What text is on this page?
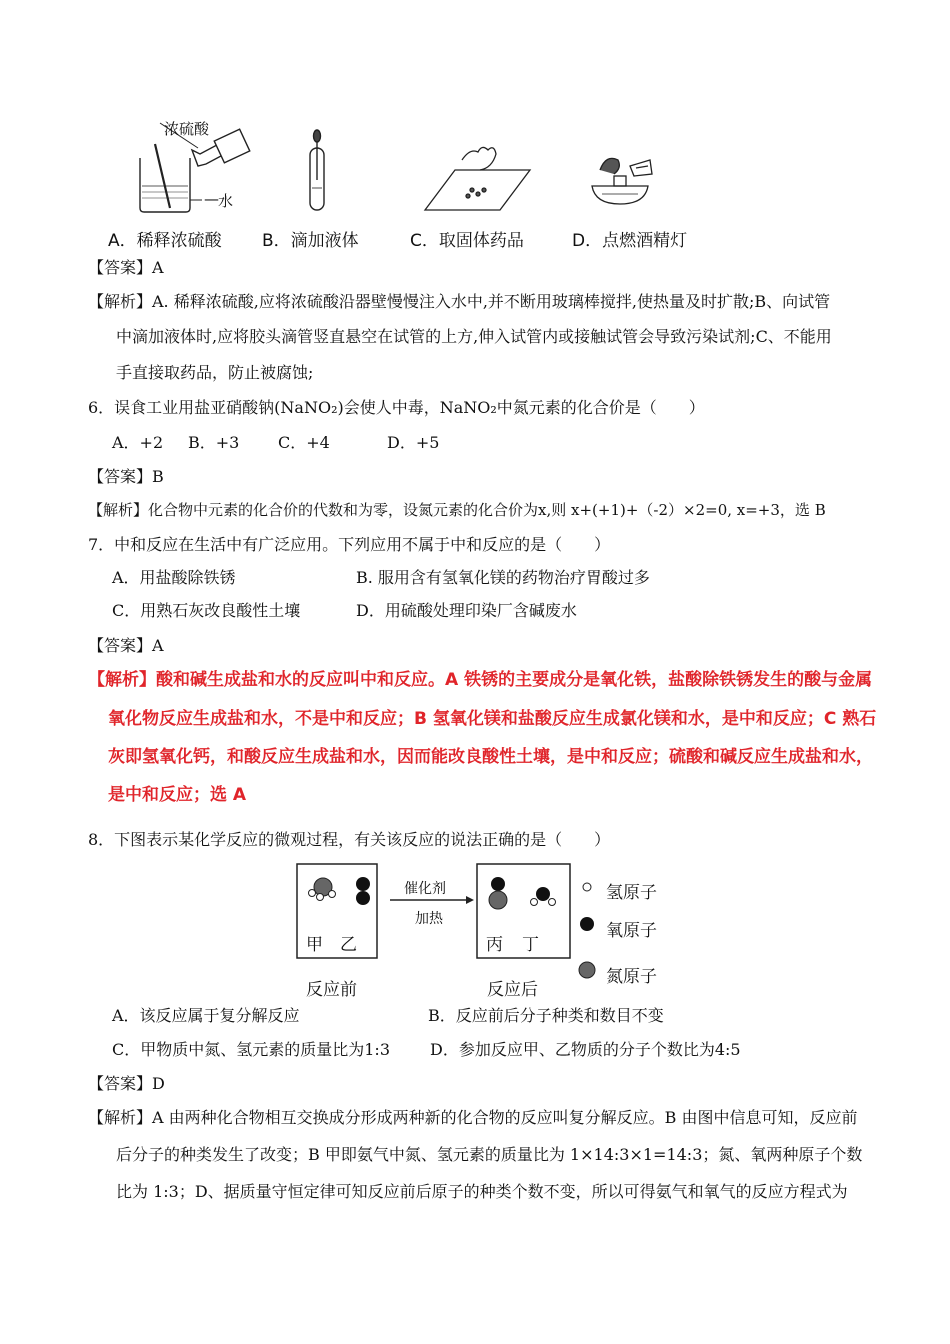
—
浓硫酸
水
A．稀释浓硫酸 B．滴加液体	C．取固体药品	D．点燃酒精灯
【答案】A
【解析】A. 稀释浓硫酸,应将浓硫酸沿器壁慢慢注入水中,并不断用玻璃棒搅拌,使热量及时扩散;B、向试管
中滴加液体时,应将胶头滴管竖直悬空在试管的上方,伸入试管内或接触试管会导致污染试剂;C、不能用
手直接取药品，防止被腐蚀;
6．误食工业用盐亚硝酸钠(NaNO₂)会使人中毒，NaNO₂中氮元素的化合价是（　　）
A．+2 B．+3 C．+4	D．+5
【答案】B
【解析】化合物中元素的化合价的代数和为零，设氮元素的化合价为x,则 x+(+1)+（-2）×2=0, x=+3，选 B
7．中和反应在生活中有广泛应用。下列应用不属于中和反应的是（　　）
A．用盐酸除铁锈	B. 服用含有氢氧化镁的药物治疗胃酸过多
C．用熟石灰改良酸性土壤	D．用硫酸处理印染厂含碱废水
【答案】A
【解析】酸和碱生成盐和水的反应叫中和反应。A 铁锈的主要成分是氧化铁，盐酸除铁锈发生的酸与金属
氧化物反应生成盐和水，不是中和反应；B 氢氧化镁和盐酸反应生成氯化镁和水，是中和反应；C 熟石
灰即氢氧化钙，和酸反应生成盐和水，因而能改良酸性土壤，是中和反应；硫酸和碱反应生成盐和水，
是中和反应；选 A
8．下图表示某化学反应的微观过程，有关该反应的说法正确的是（　　）
甲 乙	丙 丁
催化剂
加热
反应前	反应后
氢原子
氧原子
氮原子
A．该反应属于复分解反应	B．反应前后分子种类和数目不变
C．甲物质中氮、氢元素的质量比为1:3	D．参加反应甲、乙物质的分子个数比为4:5
【答案】D
【解析】A 由两种化合物相互交换成分形成两种新的化合物的反应叫复分解反应。B 由图中信息可知，反应前
后分子的种类发生了改变；B 甲即氨气中氮、氢元素的质量比为 1×14:3×1=14:3；氮、氧两种原子个数
比为 1:3；D、据质量守恒定律可知反应前后原子的种类个数不变，所以可得氨气和氧气的反应方程式为
